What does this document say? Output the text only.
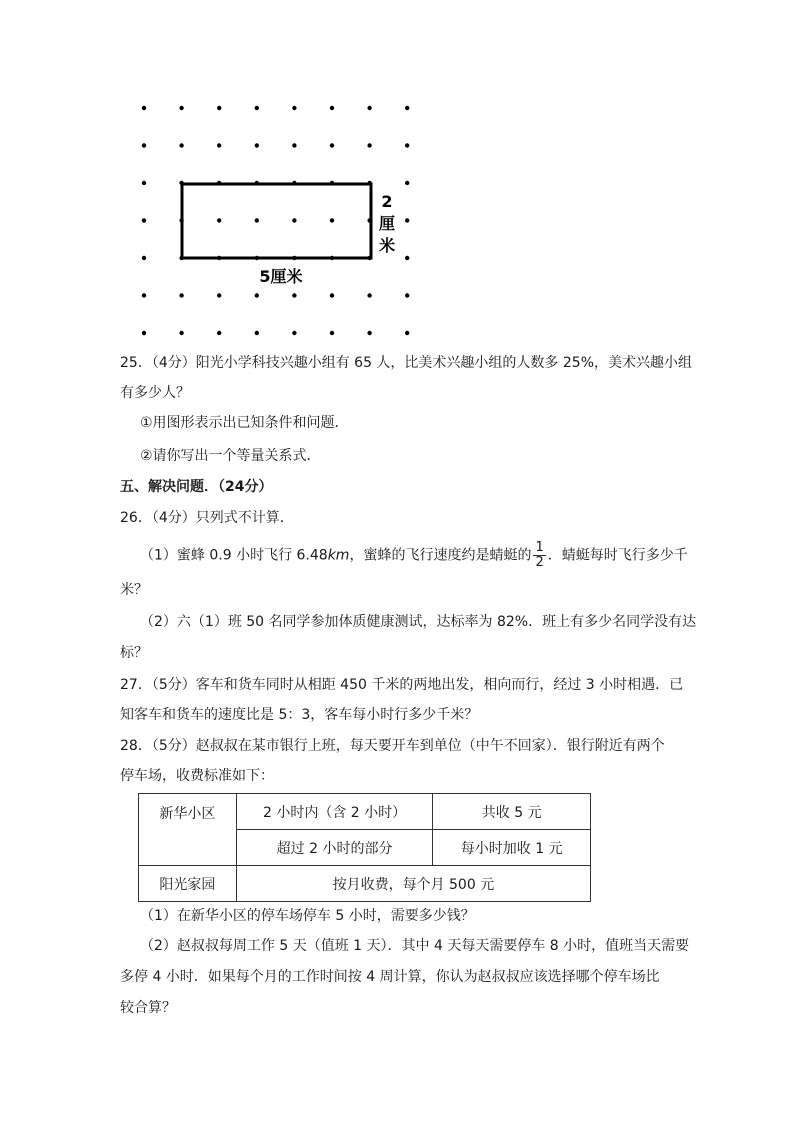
5厘米
2
厘
米
25．（4分）阳光小学科技兴趣小组有 65 人，比美术兴趣小组的人数多 25%，美术兴趣小组
有多少人？
①用图形表示出已知条件和问题．
②请你写出一个等量关系式．
五、解决问题．（24分）
26．（4分）只列式不计算．
（1）蜜蜂 0.9 小时飞行 6.48km，蜜蜂的飞行速度约是蜻蜓的 $\frac{1}{2}$ ．蜻蜓每时飞行多少千
米？
（2）六（1）班 50 名同学参加体质健康测试，达标率为 82%．班上有多少名同学没有达
标？
27．（5分）客车和货车同时从相距 450 千米的两地出发，相向而行，经过 3 小时相遇．已
知客车和货车的速度比是 5：3，客车每小时行多少千米？
28．（5分）赵叔叔在某市银行上班，每天要开车到单位（中午不回家）．银行附近有两个
停车场，收费标准如下：
新华小区	2 小时内（含 2 小时）	共收 5 元
	超过 2 小时的部分	每小时加收 1 元
阳光家园	按月收费，每个月 500 元	
（1）在新华小区的停车场停车 5 小时，需要多少钱？
（2）赵叔叔每周工作 5 天（值班 1 天）．其中 4 天每天需要停车 8 小时，值班当天需要
多停 4 小时．如果每个月的工作时间按 4 周计算，你认为赵叔叔应该选择哪个停车场比
较合算？
